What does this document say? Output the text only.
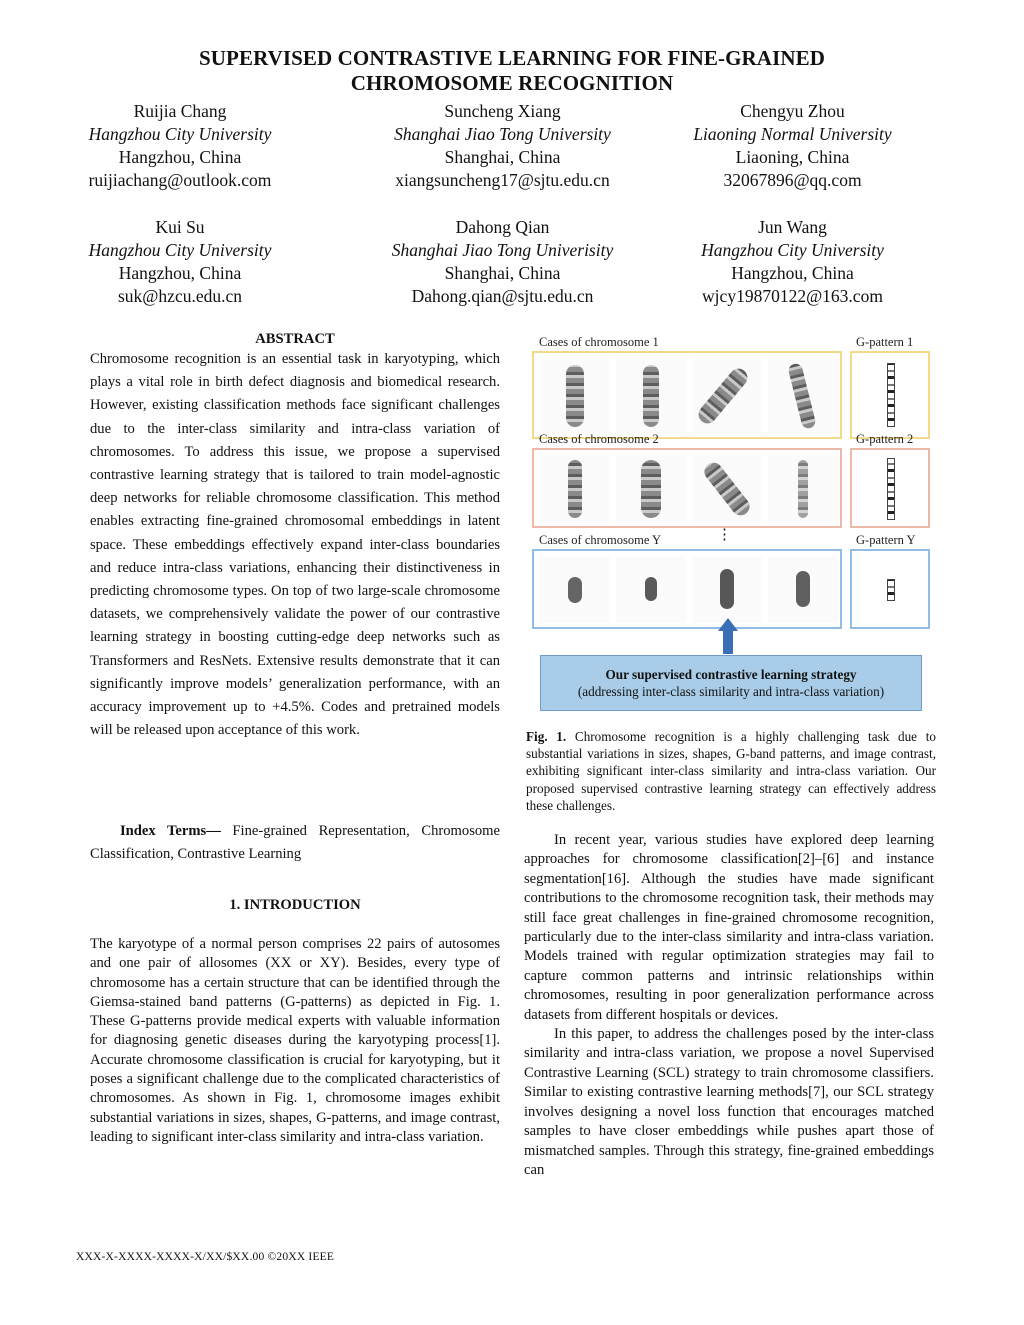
SUPERVISED CONTRASTIVE LEARNING FOR FINE-GRAINED
CHROMOSOME RECOGNITION
Ruijia Chang
Hangzhou City University
Hangzhou, China
ruijiachang@outlook.com
Suncheng Xiang
Shanghai Jiao Tong University
Shanghai, China
xiangsuncheng17@sjtu.edu.cn
Chengyu Zhou
Liaoning Normal University
Liaoning, China
32067896@qq.com
Kui Su
Hangzhou City University
Hangzhou, China
suk@hzcu.edu.cn
Dahong Qian
Shanghai Jiao Tong Univerisity
Shanghai, China
Dahong.qian@sjtu.edu.cn
Jun Wang
Hangzhou City University
Hangzhou, China
wjcy19870122@163.com
ABSTRACT
Chromosome recognition is an essential task in karyotyping, which plays a vital role in birth defect diagnosis and biomedical research. However, existing classification methods face significant challenges due to the inter-class similarity and intra-class variation of chromosomes. To address this issue, we propose a supervised contrastive learning strategy that is tailored to train model-agnostic deep networks for reliable chromosome classification. This method enables extracting fine-grained chromosomal embeddings in latent space. These embeddings effectively expand inter-class boundaries and reduce intra-class variations, enhancing their distinctiveness in predicting chromosome types. On top of two large-scale chromosome datasets, we comprehensively validate the power of our contrastive learning strategy in boosting cutting-edge deep networks such as Transformers and ResNets. Extensive results demonstrate that it can significantly improve models’ generalization performance, with an accuracy improvement up to +4.5%. Codes and pretrained models will be released upon acceptance of this work.
Index Terms— Fine-grained Representation, Chromosome Classification, Contrastive Learning
1. INTRODUCTION
The karyotype of a normal person comprises 22 pairs of autosomes and one pair of allosomes (XX or XY). Besides, every type of chromosome has a certain structure that can be identified through the Giemsa-stained band patterns (G-patterns) as depicted in Fig. 1. These G-patterns provide medical experts with valuable information for diagnosing genetic diseases during the karyotyping process[1]. Accurate chromosome classification is crucial for karyotyping, but it poses a significant challenge due to the complicated characteristics of chromosomes. As shown in Fig. 1, chromosome images exhibit substantial variations in sizes, shapes, G-patterns, and image contrast, leading to significant inter-class similarity and intra-class variation.
Cases of chromosome 1	G-pattern 1
Cases of chromosome 2	G-pattern 2
Cases of chromosome Y	⋮	G-pattern Y
Our supervised contrastive learning strategy
(addressing inter-class similarity and intra-class variation)
Fig. 1. Chromosome recognition is a highly challenging task due to substantial variations in sizes, shapes, G-band patterns, and image contrast, exhibiting significant inter-class similarity and intra-class variation. Our proposed supervised contrastive learning strategy can effectively address these challenges.

In recent year, various studies have explored deep learning approaches for chromosome classification[2]–[6] and instance segmentation[16]. Although the studies have made significant contributions to the chromosome recognition task, their methods may still face great challenges in fine-grained chromosome recognition, particularly due to the inter-class similarity and intra-class variation. Models trained with regular optimization strategies may fail to capture common patterns and intrinsic relationships within chromosomes, resulting in poor generalization performance across datasets from different hospitals or devices.

In this paper, to address the challenges posed by the inter-class similarity and intra-class variation, we propose a novel Supervised Contrastive Learning (SCL) strategy to train chromosome classifiers. Similar to existing contrastive learning methods[7], our SCL strategy involves designing a novel loss function that encourages matched samples to have closer embeddings while pushes apart those of mismatched samples. Through this strategy, fine-grained embeddings can

XXX-X-XXXX-XXXX-X/XX/$XX.00 ©20XX IEEE
